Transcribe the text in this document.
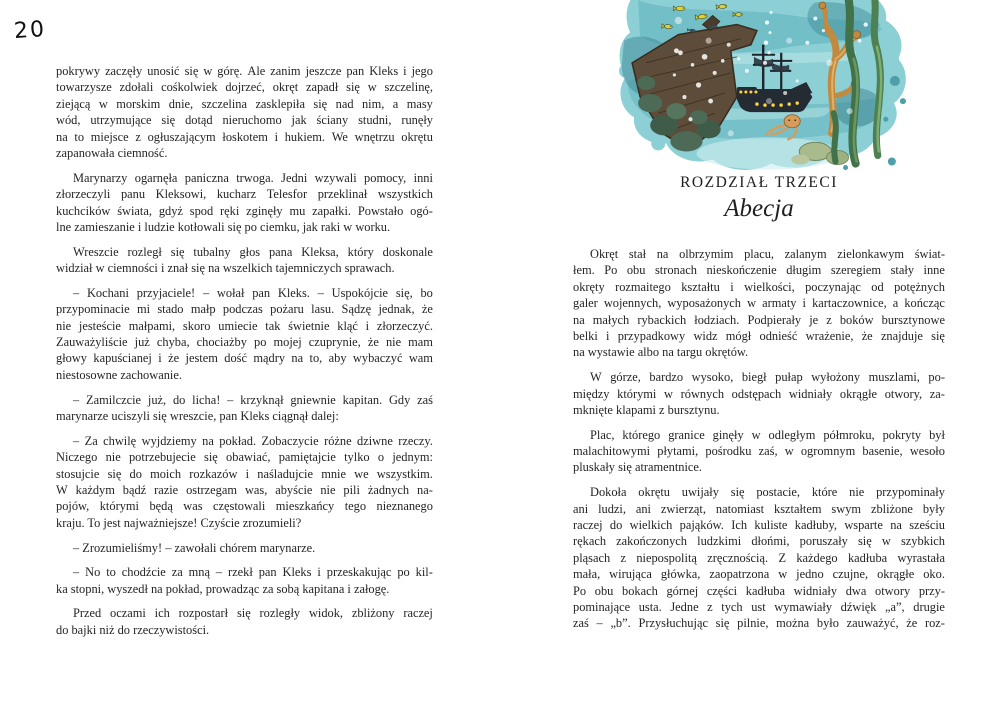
20
pokrywy zaczęły unosić się w górę. Ale zanim jeszcze pan Kleks i jego
towarzysze zdołali cośkolwiek dojrzeć, okręt zapadł się w szczelinę,
ziejącą w morskim dnie, szczelina zasklepiła się nad nim, a masy
wód, utrzymujące się dotąd nieruchomo jak ściany studni, runęły
na to miejsce z ogłuszającym łoskotem i hukiem. We wnętrzu okrętu
zapanowała ciemność.
Marynarzy ogarnęła paniczna trwoga. Jedni wzywali pomocy, inni
złorzeczyli panu Kleksowi, kucharz Telesfor przeklinał wszystkich
kuchcików świata, gdyż spod ręki zginęły mu zapałki. Powstało ogó-
lne zamieszanie i ludzie kotłowali się po ciemku, jak raki w worku.
Wreszcie rozległ się tubalny głos pana Kleksa, który doskonale
widział w ciemności i znał się na wszelkich tajemniczych sprawach.
– Kochani przyjaciele! – wołał pan Kleks. – Uspokójcie się, bo
przypominacie mi stado małp podczas pożaru lasu. Sądzę jednak, że
nie jesteście małpami, skoro umiecie tak świetnie kląć i złorzeczyć.
Zauważyliście już chyba, chociażby po mojej czuprynie, że nie mam
głowy kapuścianej i że jestem dość mądry na to, aby wybaczyć wam
niestosowne zachowanie.
– Zamilczcie już, do licha! – krzyknął gniewnie kapitan. Gdy zaś
marynarze uciszyli się wreszcie, pan Kleks ciągnął dalej:
– Za chwilę wyjdziemy na pokład. Zobaczycie różne dziwne rzeczy.
Niczego nie potrzebujecie się obawiać, pamiętajcie tylko o jednym:
stosujcie się do moich rozkazów i naśladujcie mnie we wszystkim.
W każdym bądź razie ostrzegam was, abyście nie pili żadnych na-
pojów, którymi będą was częstowali mieszkańcy tego nieznanego
kraju. To jest najważniejsze! Czyście zrozumieli?
– Zrozumieliśmy! – zawołali chórem marynarze.
– No to chodźcie za mną – rzekł pan Kleks i przeskakując po kil-
ka stopni, wyszedł na pokład, prowadząc za sobą kapitana i załogę.
Przed oczami ich rozpostarł się rozległy widok, zbliżony raczej
do bajki niż do rzeczywistości.
ROZDZIAŁ TRZECI
Abecja
Okręt stał na olbrzymim placu, zalanym zielonkawym świat-
łem. Po obu stronach nieskończenie długim szeregiem stały inne
okręty rozmaitego kształtu i wielkości, poczynając od potężnych
galer wojennych, wyposażonych w armaty i kartaczownice, a kończąc
na małych rybackich łodziach. Podpierały je z boków bursztynowe
belki i przypadkowy widz mógł odnieść wrażenie, że znajduje się
na wystawie albo na targu okrętów.
W górze, bardzo wysoko, biegł pułap wyłożony muszlami, po-
między którymi w równych odstępach widniały okrągłe otwory, za-
mknięte klapami z bursztynu.
Plac, którego granice ginęły w odległym półmroku, pokryty był
malachitowymi płytami, pośrodku zaś, w ogromnym basenie, wesoło
pluskały się atramentnice.
Dokoła okrętu uwijały się postacie, które nie przypominały
ani ludzi, ani zwierząt, natomiast kształtem swym zbliżone były
raczej do wielkich pająków. Ich kuliste kadłuby, wsparte na sześciu
rękach zakończonych ludzkimi dłońmi, poruszały się w szybkich
pląsach z niepospolitą zręcznością. Z każdego kadłuba wyrastała
mała, wirująca główka, zaopatrzona w jedno czujne, okrągłe oko.
Po obu bokach górnej części kadłuba widniały dwa otwory przy-
pominające usta. Jedne z tych ust wymawiały dźwięk „a”, drugie
zaś – „b”. Przysłuchując się pilnie, można było zauważyć, że roz-
